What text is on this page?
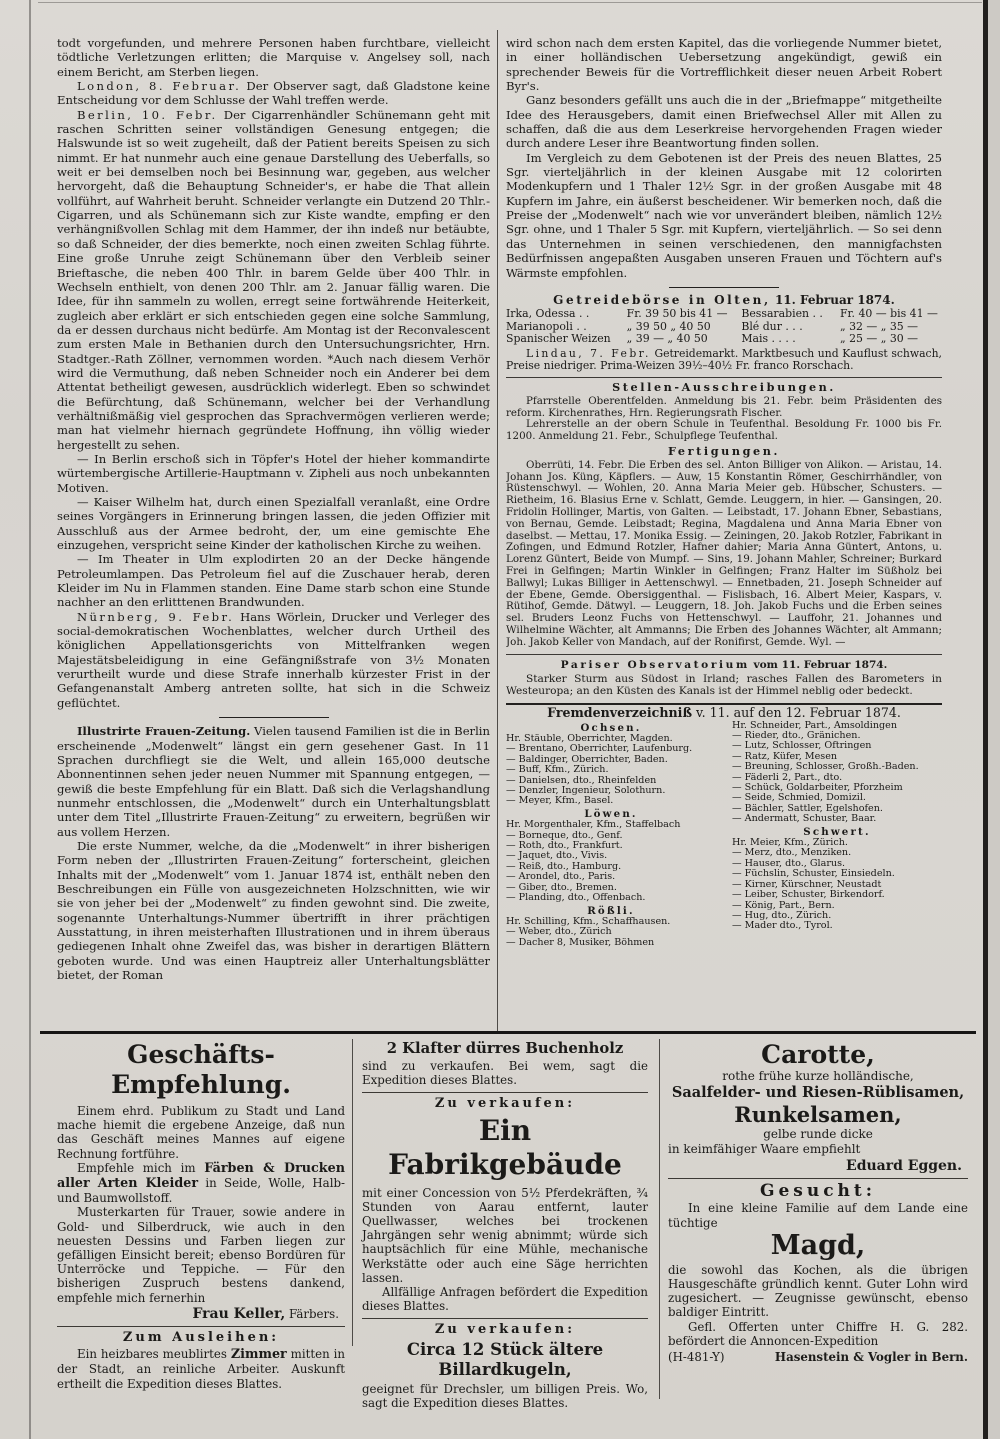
todt vorgefunden, und mehrere Personen haben furchtbare, vielleicht tödtliche Verletzungen erlitten; die Marquise v. Angelsey soll, nach einem Bericht, am Sterben liegen.

London, 8. Februar. Der Observer sagt, daß Gladstone keine Entscheidung vor dem Schlusse der Wahl treffen werde.

Berlin, 10. Febr. Der Cigarrenhändler Schünemann geht mit raschen Schritten seiner vollständigen Genesung entgegen; die Halswunde ist so weit zugeheilt, daß der Patient bereits Speisen zu sich nimmt. Er hat nunmehr auch eine genaue Darstellung des Ueberfalls, so weit er bei demselben noch bei Besinnung war, gegeben, aus welcher hervorgeht, daß die Behauptung Schneider's, er habe die That allein vollführt, auf Wahrheit beruht. Schneider verlangte ein Dutzend 20 Thlr.-Cigarren, und als Schünemann sich zur Kiste wandte, empfing er den verhängnißvollen Schlag mit dem Hammer, der ihn indeß nur betäubte, so daß Schneider, der dies bemerkte, noch einen zweiten Schlag führte. Eine große Unruhe zeigt Schünemann über den Verbleib seiner Brieftasche, die neben 400 Thlr. in barem Gelde über 400 Thlr. in Wechseln enthielt, von denen 200 Thlr. am 2. Januar fällig waren. Die Idee, für ihn sammeln zu wollen, erregt seine fortwährende Heiterkeit, zugleich aber erklärt er sich entschieden gegen eine solche Sammlung, da er dessen durchaus nicht bedürfe. Am Montag ist der Reconvalescent zum ersten Male in Bethanien durch den Untersuchungsrichter, Hrn. Stadtger.-Rath Zöllner, vernommen worden. *Auch nach diesem Verhör wird die Vermuthung, daß neben Schneider noch ein Anderer bei dem Attentat betheiligt gewesen, ausdrücklich widerlegt. Eben so schwindet die Befürchtung, daß Schünemann, welcher bei der Verhandlung verhältnißmäßig viel gesprochen das Sprachvermögen verlieren werde; man hat vielmehr hiernach gegründete Hoffnung, ihn völlig wieder hergestellt zu sehen.

— In Berlin erschoß sich in Töpfer's Hotel der hieher kommandirte würtembergische Artillerie-Hauptmann v. Zipheli aus noch unbekannten Motiven.

— Kaiser Wilhelm hat, durch einen Spezialfall veranlaßt, eine Ordre seines Vorgängers in Erinnerung bringen lassen, die jeden Offizier mit Ausschluß aus der Armee bedroht, der, um eine gemischte Ehe einzugehen, verspricht seine Kinder der katholischen Kirche zu weihen.

— Im Theater in Ulm explodirten 20 an der Decke hängende Petroleumlampen. Das Petroleum fiel auf die Zuschauer herab, deren Kleider im Nu in Flammen standen. Eine Dame starb schon eine Stunde nachher an den erlitttenen Brandwunden.

Nürnberg, 9. Febr. Hans Wörlein, Drucker und Verleger des social-demokratischen Wochenblattes, welcher durch Urtheil des königlichen Appellationsgerichts von Mittelfranken wegen Majestätsbeleidigung in eine Gefängnißstrafe von 3½ Monaten verurtheilt wurde und diese Strafe innerhalb kürzester Frist in der Gefangenanstalt Amberg antreten sollte, hat sich in die Schweiz geflüchtet.

Illustrirte Frauen-Zeitung. Vielen tausend Familien ist die in Berlin erscheinende „Modenwelt“ längst ein gern gesehener Gast. In 11 Sprachen durchfliegt sie die Welt, und allein 165,000 deutsche Abonnentinnen sehen jeder neuen Nummer mit Spannung entgegen, — gewiß die beste Empfehlung für ein Blatt. Daß sich die Verlagshandlung nunmehr entschlossen, die „Modenwelt“ durch ein Unterhaltungsblatt unter dem Titel „Illustrirte Frauen-Zeitung“ zu erweitern, begrüßen wir aus vollem Herzen.

Die erste Nummer, welche, da die „Modenwelt“ in ihrer bisherigen Form neben der „Illustrirten Frauen-Zeitung“ forterscheint, gleichen Inhalts mit der „Modenwelt“ vom 1. Januar 1874 ist, enthält neben den Beschreibungen ein Fülle von ausgezeichneten Holzschnitten, wie wir sie von jeher bei der „Modenwelt“ zu finden gewohnt sind. Die zweite, sogenannte Unterhaltungs-Nummer übertrifft in ihrer prächtigen Ausstattung, in ihren meisterhaften Illustrationen und in ihrem überaus gediegenen Inhalt ohne Zweifel das, was bisher in derartigen Blättern geboten wurde. Und was einen Hauptreiz aller Unterhaltungsblätter bietet, der Roman

wird schon nach dem ersten Kapitel, das die vorliegende Nummer bietet, in einer holländischen Uebersetzung angekündigt, gewiß ein sprechender Beweis für die Vortrefflichkeit dieser neuen Arbeit Robert Byr's.

Ganz besonders gefällt uns auch die in der „Briefmappe“ mitgetheilte Idee des Herausgebers, damit einen Briefwechsel Aller mit Allen zu schaffen, daß die aus dem Leserkreise hervorgehenden Fragen wieder durch andere Leser ihre Beantwortung finden sollen.

Im Vergleich zu dem Gebotenen ist der Preis des neuen Blattes, 25 Sgr. vierteljährlich in der kleinen Ausgabe mit 12 colorirten Modenkupfern und 1 Thaler 12½ Sgr. in der großen Ausgabe mit 48 Kupfern im Jahre, ein äußerst bescheidener. Wir bemerken noch, daß die Preise der „Modenwelt“ nach wie vor unverändert bleiben, nämlich 12½ Sgr. ohne, und 1 Thaler 5 Sgr. mit Kupfern, vierteljährlich. — So sei denn das Unternehmen in seinen verschiedenen, den mannigfachsten Bedürfnissen angepaßten Ausgaben unseren Frauen und Töchtern auf's Wärmste empfohlen.

Getreidebörse in Olten, 11. Februar 1874.
Irka, Odessa . .	Fr. 39 50 bis 41 —	Bessarabien . .	Fr. 40 — bis 41 —
Marianopoli . .	„ 39 50 „ 40 50	Blé dur . . .	„ 32 — „ 35 —
Spanischer Weizen	„ 39 — „ 40 50	Mais . . . .	„ 25 — „ 30 —

Lindau, 7. Febr. Getreidemarkt. Marktbesuch und Kauflust schwach, Preise niedriger. Prima-Weizen 39½–40½ Fr. franco Rorschach.

Stellen-Ausschreibungen.

Pfarrstelle Oberentfelden. Anmeldung bis 21. Febr. beim Präsidenten des reform. Kirchenrathes, Hrn. Regierungsrath Fischer.

Lehrerstelle an der obern Schule in Teufenthal. Besoldung Fr. 1000 bis Fr. 1200. Anmeldung 21. Febr., Schulpflege Teufenthal.

Fertigungen.

Oberrüti, 14. Febr. Die Erben des sel. Anton Billiger von Alikon. — Aristau, 14. Johann Jos. Küng, Käpflers. — Auw, 15 Konstantin Römer, Geschirrhändler, von Rüstenschwyl. — Wohlen, 20. Anna Maria Meier geb. Hübscher, Schusters. — Rietheim, 16. Blasius Erne v. Schlatt, Gemde. Leuggern, in hier. — Gansingen, 20. Fridolin Hollinger, Martis, von Galten. — Leibstadt, 17. Johann Ebner, Sebastians, von Bernau, Gemde. Leibstadt; Regina, Magdalena und Anna Maria Ebner von daselbst. — Mettau, 17. Monika Essig. — Zeiningen, 20. Jakob Rotzler, Fabrikant in Zofingen, und Edmund Rotzler, Hafner dahier; Maria Anna Güntert, Antons, u. Lorenz Güntert, Beide von Mumpf. — Sins, 19. Johann Mahler, Schreiner; Burkard Frei in Gelfingen; Martin Winkler in Gelfingen; Franz Halter im Süßholz bei Ballwyl; Lukas Billiger in Aettenschwyl. — Ennetbaden, 21. Joseph Schneider auf der Ebene, Gemde. Obersiggenthal. — Fislisbach, 16. Albert Meier, Kaspars, v. Rütihof, Gemde. Dätwyl. — Leuggern, 18. Joh. Jakob Fuchs und die Erben seines sel. Bruders Leonz Fuchs von Hettenschwyl. — Lauffohr, 21. Johannes und Wilhelmine Wächter, alt Ammanns; Die Erben des Johannes Wächter, alt Ammann; Joh. Jakob Keller von Mandach, auf der Ronifirst, Gemde. Wyl. —

Pariser Observatorium vom 11. Februar 1874.

Starker Sturm aus Südost in Irland; rasches Fallen des Barometers in Westeuropa; an den Küsten des Kanals ist der Himmel neblig oder bedeckt.

Fremdenverzeichniß v. 11. auf den 12. Februar 1874.
Ochsen.
Hr. Stäuble, Oberrichter, Magden.
— Brentano, Oberrichter, Laufenburg.
— Baldinger, Oberrichter, Baden.
— Buff, Kfm., Zürich.
— Danielsen, dto., Rheinfelden
— Denzler, Ingenieur, Solothurn.
— Meyer, Kfm., Basel.
Löwen.
Hr. Morgenthaler, Kfm., Staffelbach
— Borneque, dto., Genf.
— Roth, dto., Frankfurt.
— Jaquet, dto., Vivis.
— Reiß, dto., Hamburg.
— Arondel, dto., Paris.
— Giber, dto., Bremen.
— Planding, dto., Offenbach.
Rößli.
Hr. Schilling, Kfm., Schaffhausen.
— Weber, dto., Zürich
— Dacher 8, Musiker, Böhmen
Hr. Schneider, Part., Amsoldingen
— Rieder, dto., Gränichen.
— Lutz, Schlosser, Oftringen
— Ratz, Küfer, Mesen
— Breuning, Schlosser, Großh.-Baden.
— Fäderli 2, Part., dto.
— Schück, Goldarbeiter, Pforzheim
— Seide, Schmied, Domizil.
— Bächler, Sattler, Egelshofen.
— Andermatt, Schuster, Baar.
Schwert.
Hr. Meier, Kfm., Zürich.
— Merz, dto., Menziken.
— Hauser, dto., Glarus.
— Füchslin, Schuster, Einsiedeln.
— Kirner, Kürschner, Neustadt
— Leiber, Schuster, Birkendorf.
— König, Part., Bern.
— Hug, dto., Zürich.
— Mader dto., Tyrol.
Geschäfts-Empfehlung.

Einem ehrd. Publikum zu Stadt und Land mache hiemit die ergebene Anzeige, daß nun das Geschäft meines Mannes auf eigene Rechnung fortführe.

Empfehle mich im Färben & Drucken aller Arten Kleider in Seide, Wolle, Halb- und Baumwollstoff.

Musterkarten für Trauer, sowie andere in Gold- und Silberdruck, wie auch in den neuesten Dessins und Farben liegen zur gefälligen Einsicht bereit; ebenso Bordüren für Unterröcke und Teppiche. — Für den bisherigen Zuspruch bestens dankend, empfehle mich fernerhin

Frau Keller, Färbers.
Zum Ausleihen:

Ein heizbares meublirtes Zimmer mitten in der Stadt, an reinliche Arbeiter. Auskunft ertheilt die Expedition dieses Blattes.

2 Klafter dürres Buchenholz

sind zu verkaufen. Bei wem, sagt die Expedition dieses Blattes.

Zu verkaufen:
Ein Fabrikgebäude

mit einer Concession von 5½ Pferdekräften, ¾ Stunden von Aarau entfernt, lauter Quellwasser, welches bei trockenen Jahrgängen sehr wenig abnimmt; würde sich hauptsächlich für eine Mühle, mechanische Werkstätte oder auch eine Säge herrichten lassen.

Allfällige Anfragen befördert die Expedition dieses Blattes.

Zu verkaufen:
Circa 12 Stück ältere Billardkugeln,

geeignet für Drechsler, um billigen Preis. Wo, sagt die Expedition dieses Blattes.

Carotte,
rothe frühe kurze holländische,
Saalfelder- und Riesen-Rüblisamen,
Runkelsamen,
gelbe runde dicke
in keimfähiger Waare empfiehlt
Eduard Eggen.
Gesucht:

In eine kleine Familie auf dem Lande eine tüchtige

Magd,

die sowohl das Kochen, als die übrigen Hausgeschäfte gründlich kennt. Guter Lohn wird zugesichert. — Zeugnisse gewünscht, ebenso baldiger Eintritt.

Gefl. Offerten unter Chiffre H. G. 282. befördert die Annoncen-Expedition

(H-481-Y)	Hasenstein & Vogler in Bern.
